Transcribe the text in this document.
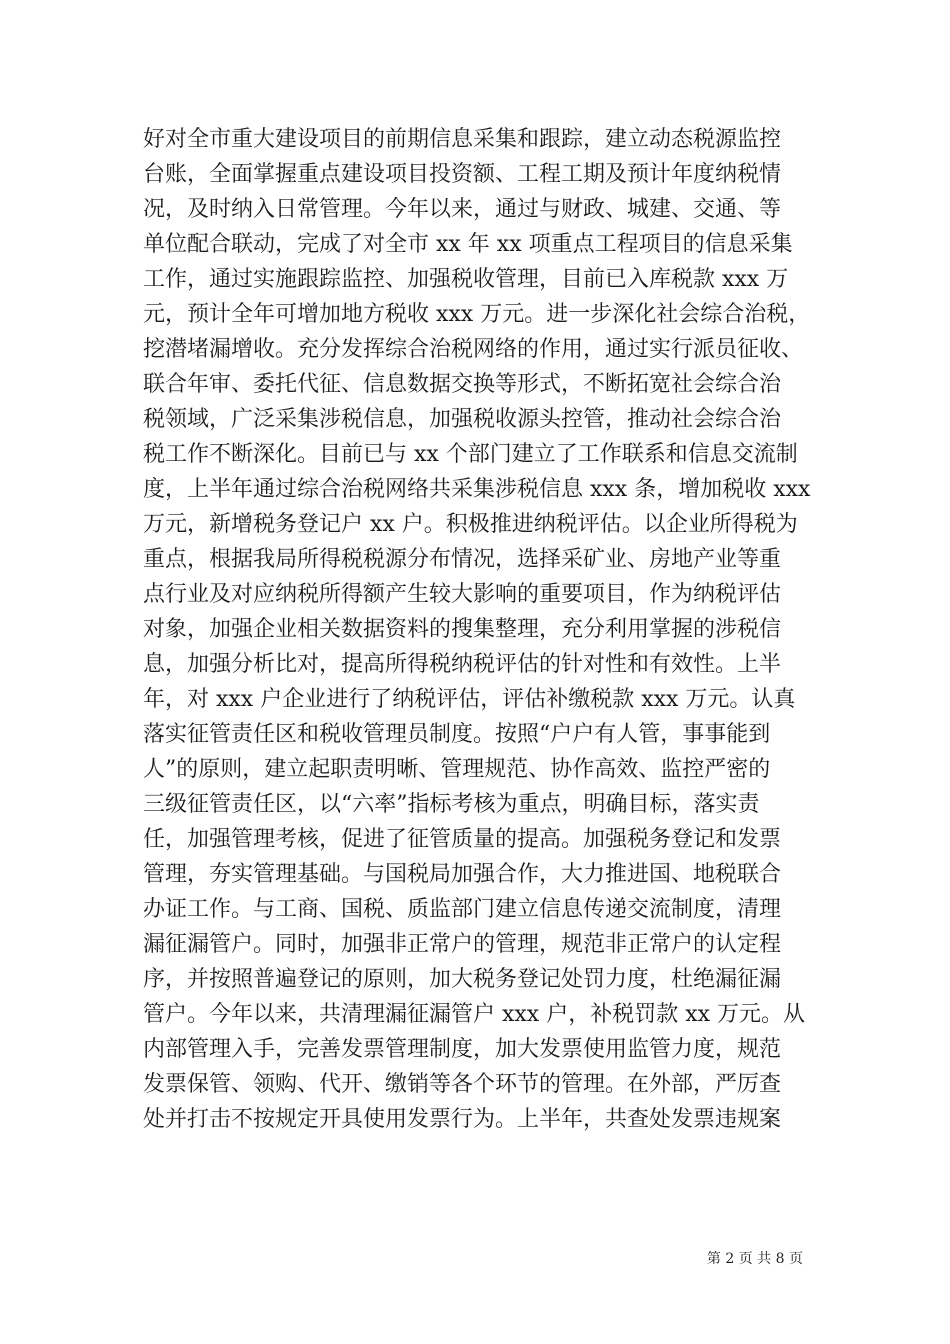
好对全市重大建设项目的前期信息采集和跟踪，建立动态税源监控
台账，全面掌握重点建设项目投资额、工程工期及预计年度纳税情
况，及时纳入日常管理。今年以来，通过与财政、城建、交通、等
单位配合联动，完成了对全市 xx 年 xx 项重点工程项目的信息采集
工作，通过实施跟踪监控、加强税收管理，目前已入库税款 xxx 万
元，预计全年可增加地方税收 xxx 万元。进一步深化社会综合治税，
挖潜堵漏增收。充分发挥综合治税网络的作用，通过实行派员征收、
联合年审、委托代征、信息数据交换等形式，不断拓宽社会综合治
税领域，广泛采集涉税信息，加强税收源头控管，推动社会综合治
税工作不断深化。目前已与 xx 个部门建立了工作联系和信息交流制
度，上半年通过综合治税网络共采集涉税信息 xxx 条，增加税收 xxx
万元，新增税务登记户 xx 户。积极推进纳税评估。以企业所得税为
重点，根据我局所得税税源分布情况，选择采矿业、房地产业等重
点行业及对应纳税所得额产生较大影响的重要项目，作为纳税评估
对象，加强企业相关数据资料的搜集整理，充分利用掌握的涉税信
息，加强分析比对，提高所得税纳税评估的针对性和有效性。上半
年，对 xxx 户企业进行了纳税评估，评估补缴税款 xxx 万元。认真
落实征管责任区和税收管理员制度。按照“户户有人管，事事能到
人”的原则，建立起职责明晰、管理规范、协作高效、监控严密的
三级征管责任区，以“六率”指标考核为重点，明确目标，落实责
任，加强管理考核，促进了征管质量的提高。加强税务登记和发票
管理，夯实管理基础。与国税局加强合作，大力推进国、地税联合
办证工作。与工商、国税、质监部门建立信息传递交流制度，清理
漏征漏管户。同时，加强非正常户的管理，规范非正常户的认定程
序，并按照普遍登记的原则，加大税务登记处罚力度，杜绝漏征漏
管户。今年以来，共清理漏征漏管户 xxx 户，补税罚款 xx 万元。从
内部管理入手，完善发票管理制度，加大发票使用监管力度，规范
发票保管、领购、代开、缴销等各个环节的管理。在外部，严厉查
处并打击不按规定开具使用发票行为。上半年，共查处发票违规案
第 2 页 共 8 页
